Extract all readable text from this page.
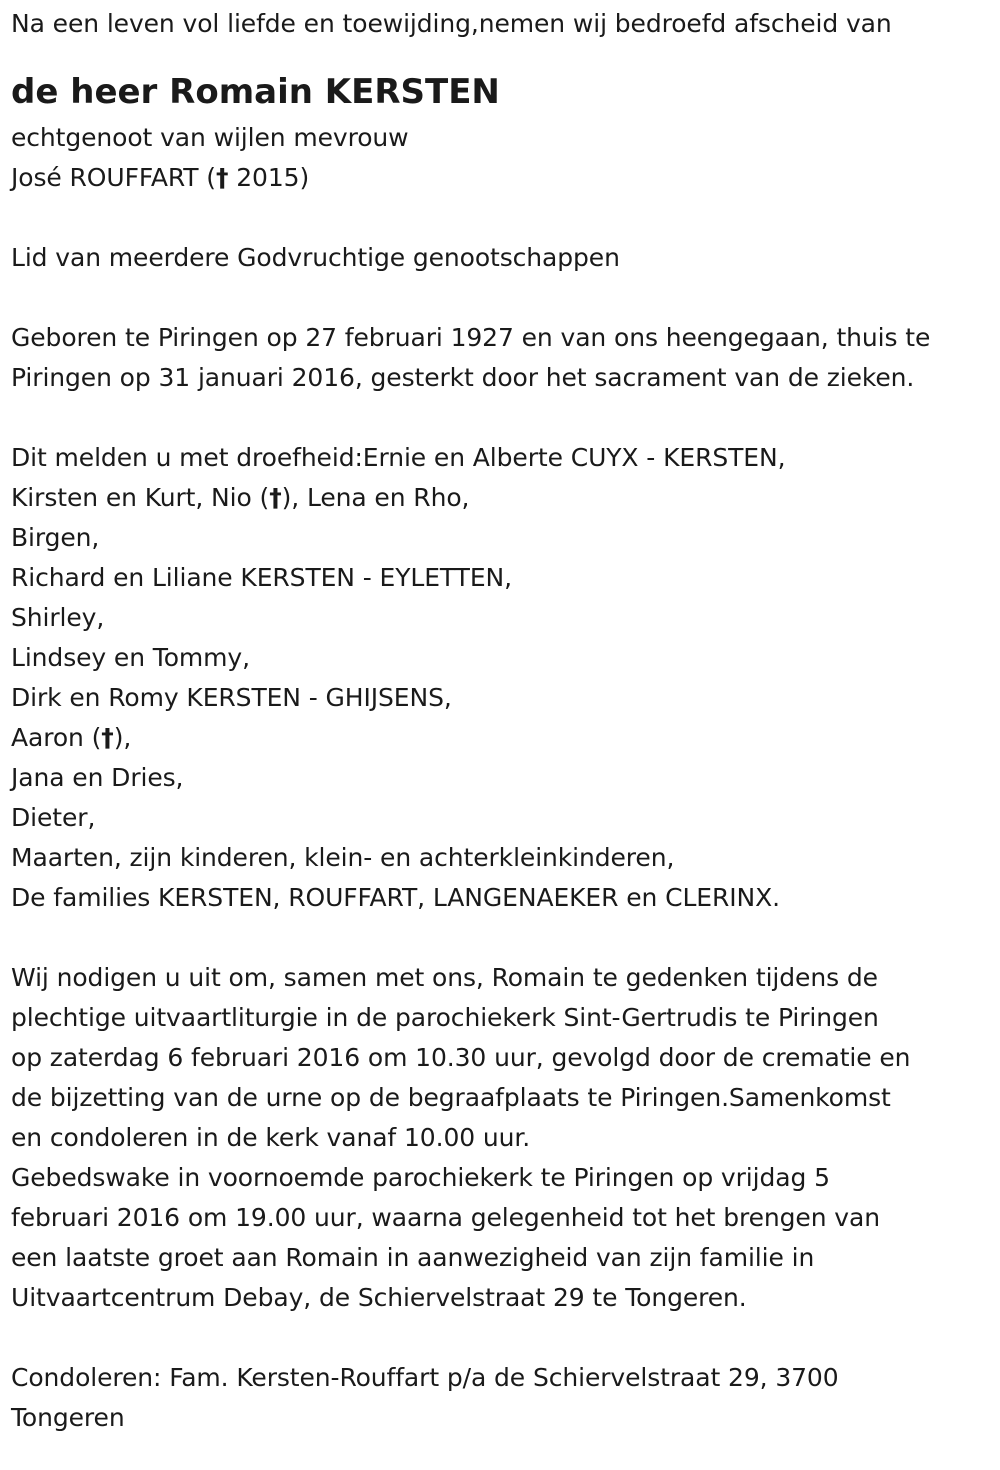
Na een leven vol liefde en toewijding,nemen wij bedroefd afscheid van
de heer Romain KERSTEN
echtgenoot van wijlen mevrouw
José ROUFFART († 2015)
Lid van meerdere Godvruchtige genootschappen
Geboren te Piringen op 27 februari 1927 en van ons heengegaan, thuis te
Piringen op 31 januari 2016, gesterkt door het sacrament van de zieken.
Dit melden u met droefheid:Ernie en Alberte CUYX - KERSTEN,
Kirsten en Kurt, Nio (†), Lena en Rho,
Birgen,
Richard en Liliane KERSTEN - EYLETTEN,
Shirley,
Lindsey en Tommy,
Dirk en Romy KERSTEN - GHIJSENS,
Aaron (†),
Jana en Dries,
Dieter,
Maarten, zijn kinderen, klein- en achterkleinkinderen,
De families KERSTEN, ROUFFART, LANGENAEKER en CLERINX.
Wij nodigen u uit om, samen met ons, Romain te gedenken tijdens de
plechtige uitvaartliturgie in de parochiekerk Sint-Gertrudis te Piringen
op zaterdag 6 februari 2016 om 10.30 uur, gevolgd door de crematie en
de bijzetting van de urne op de begraafplaats te Piringen.Samenkomst
en condoleren in de kerk vanaf 10.00 uur.
Gebedswake in voornoemde parochiekerk te Piringen op vrijdag 5
februari 2016 om 19.00 uur, waarna gelegenheid tot het brengen van
een laatste groet aan Romain in aanwezigheid van zijn familie in
Uitvaartcentrum Debay, de Schiervelstraat 29 te Tongeren.
Condoleren: Fam. Kersten-Rouffart p/a de Schiervelstraat 29, 3700
Tongeren
